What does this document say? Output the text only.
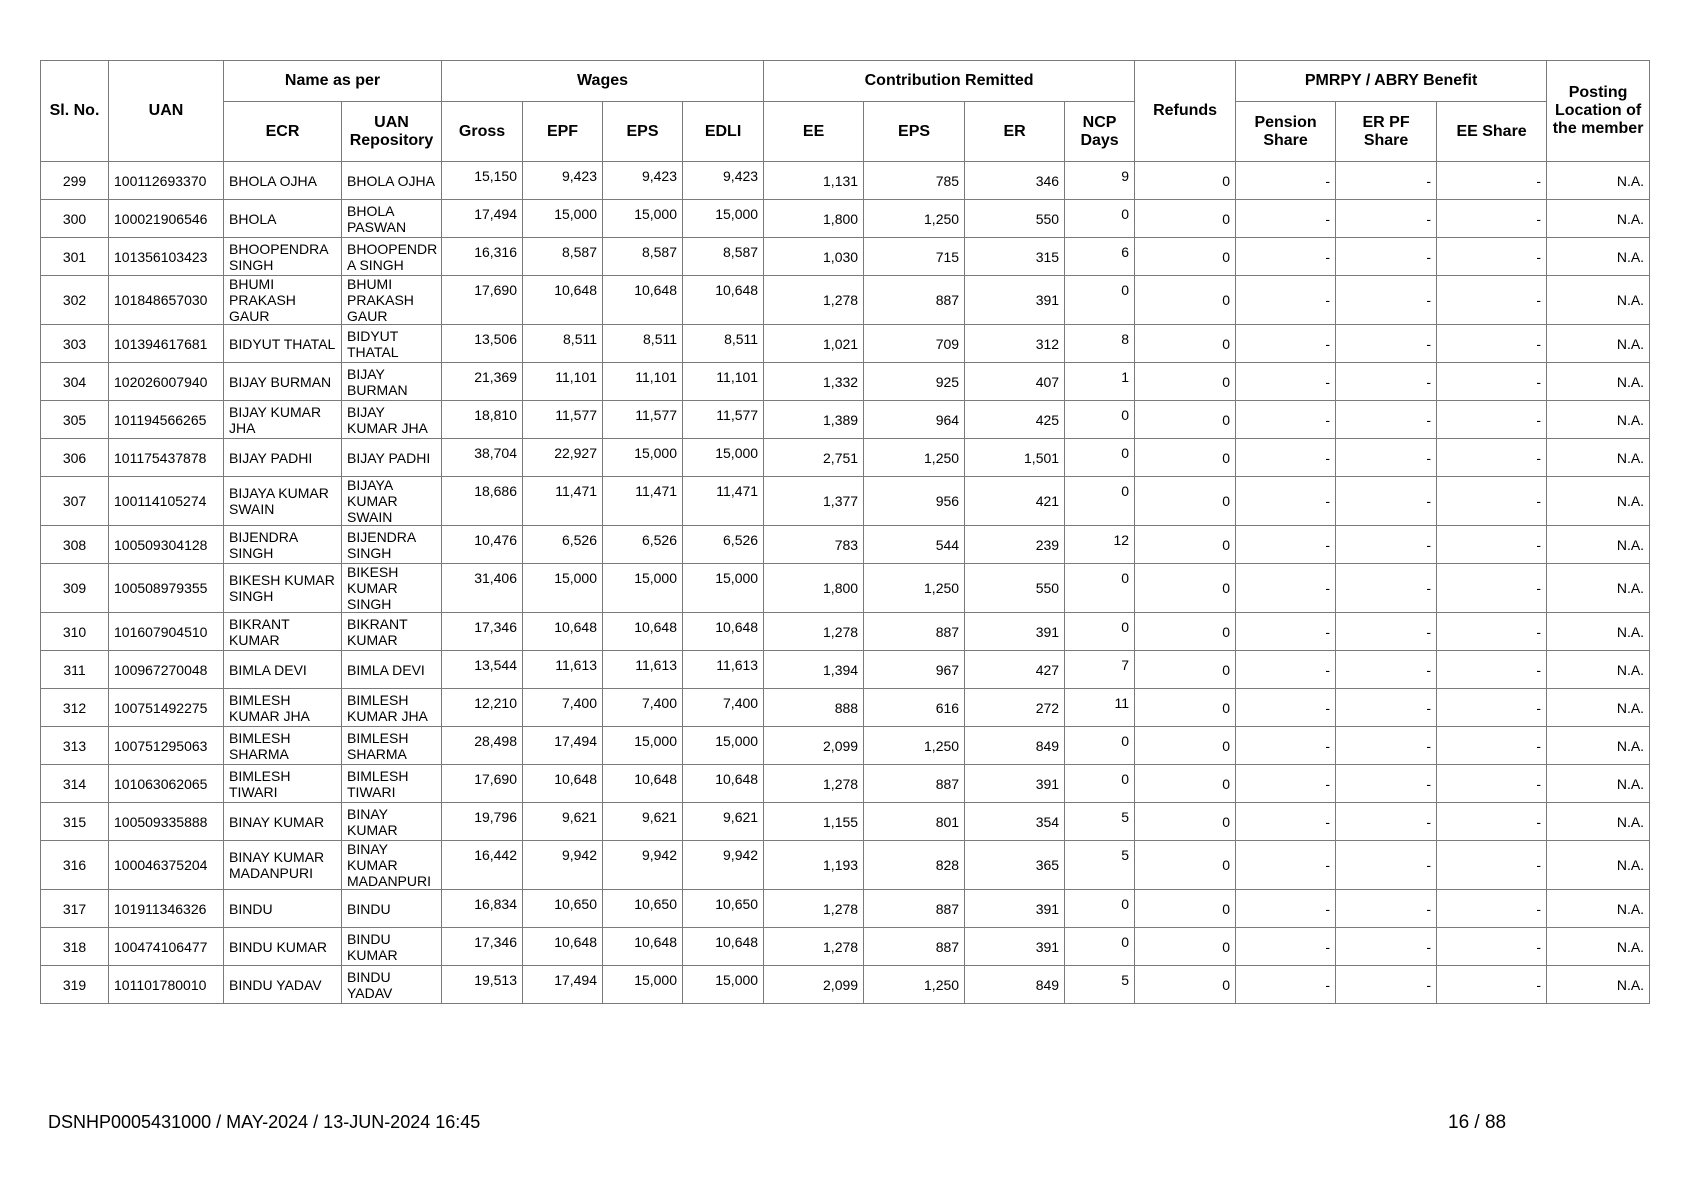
Sl. No.	UAN	Name as per		Wages				Contribution Remitted				Refunds	PMRPY / ABRY Benefit			Posting Location of the member
		ECR	UAN Repository	Gross	EPF	EPS	EDLI	EE	EPS	ER	NCP Days		Pension Share	ER PF Share	EE Share	
299	100112693370	BHOLA OJHA	BHOLA OJHA	15,150	9,423	9,423	9,423	1,131	785	346	9	0	-	-	-	N.A.
300	100021906546	BHOLA	BHOLA PASWAN	17,494	15,000	15,000	15,000	1,800	1,250	550	0	0	-	-	-	N.A.
301	101356103423	BHOOPENDRA SINGH	BHOOPENDR A SINGH	16,316	8,587	8,587	8,587	1,030	715	315	6	0	-	-	-	N.A.
302	101848657030	BHUMI PRAKASH GAUR	BHUMI PRAKASH GAUR	17,690	10,648	10,648	10,648	1,278	887	391	0	0	-	-	-	N.A.
303	101394617681	BIDYUT THATAL	BIDYUT THATAL	13,506	8,511	8,511	8,511	1,021	709	312	8	0	-	-	-	N.A.
304	102026007940	BIJAY BURMAN	BIJAY BURMAN	21,369	11,101	11,101	11,101	1,332	925	407	1	0	-	-	-	N.A.
305	101194566265	BIJAY KUMAR JHA	BIJAY KUMAR JHA	18,810	11,577	11,577	11,577	1,389	964	425	0	0	-	-	-	N.A.
306	101175437878	BIJAY PADHI	BIJAY PADHI	38,704	22,927	15,000	15,000	2,751	1,250	1,501	0	0	-	-	-	N.A.
307	100114105274	BIJAYA KUMAR SWAIN	BIJAYA KUMAR SWAIN	18,686	11,471	11,471	11,471	1,377	956	421	0	0	-	-	-	N.A.
308	100509304128	BIJENDRA SINGH	BIJENDRA SINGH	10,476	6,526	6,526	6,526	783	544	239	12	0	-	-	-	N.A.
309	100508979355	BIKESH KUMAR SINGH	BIKESH KUMAR SINGH	31,406	15,000	15,000	15,000	1,800	1,250	550	0	0	-	-	-	N.A.
310	101607904510	BIKRANT KUMAR	BIKRANT KUMAR	17,346	10,648	10,648	10,648	1,278	887	391	0	0	-	-	-	N.A.
311	100967270048	BIMLA DEVI	BIMLA DEVI	13,544	11,613	11,613	11,613	1,394	967	427	7	0	-	-	-	N.A.
312	100751492275	BIMLESH KUMAR JHA	BIMLESH KUMAR JHA	12,210	7,400	7,400	7,400	888	616	272	11	0	-	-	-	N.A.
313	100751295063	BIMLESH SHARMA	BIMLESH SHARMA	28,498	17,494	15,000	15,000	2,099	1,250	849	0	0	-	-	-	N.A.
314	101063062065	BIMLESH TIWARI	BIMLESH TIWARI	17,690	10,648	10,648	10,648	1,278	887	391	0	0	-	-	-	N.A.
315	100509335888	BINAY KUMAR	BINAY KUMAR	19,796	9,621	9,621	9,621	1,155	801	354	5	0	-	-	-	N.A.
316	100046375204	BINAY KUMAR MADANPURI	BINAY KUMAR MADANPURI	16,442	9,942	9,942	9,942	1,193	828	365	5	0	-	-	-	N.A.
317	101911346326	BINDU	BINDU	16,834	10,650	10,650	10,650	1,278	887	391	0	0	-	-	-	N.A.
318	100474106477	BINDU KUMAR	BINDU KUMAR	17,346	10,648	10,648	10,648	1,278	887	391	0	0	-	-	-	N.A.
319	101101780010	BINDU YADAV	BINDU YADAV	19,513	17,494	15,000	15,000	2,099	1,250	849	5	0	-	-	-	N.A.
DSNHP0005431000 / MAY-2024 / 13-JUN-2024 16:45	16 / 88
